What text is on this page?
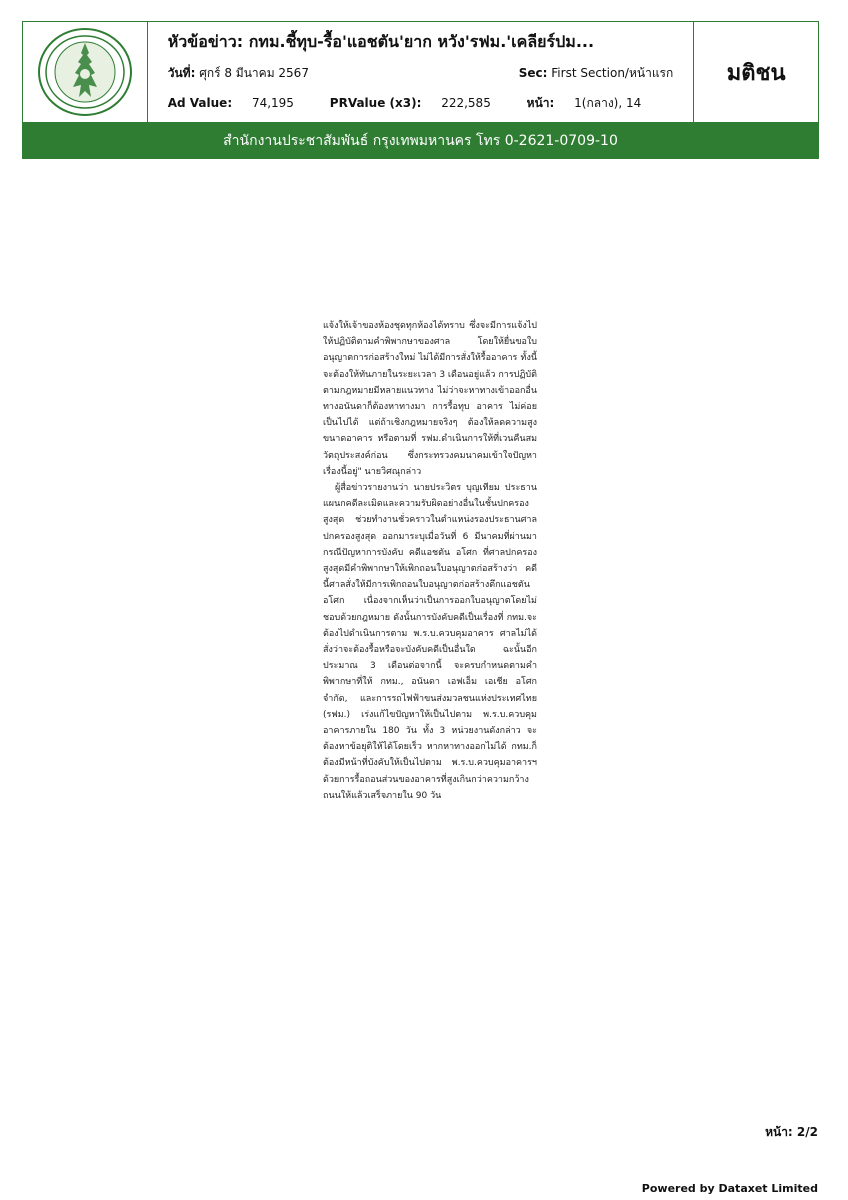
หัวข้อข่าว: กทม.ชี้ทุบ-รื้อ'แอชตัน'ยาก หวัง'รฟม.'เคลียร์ปม...
วันที่: ศุกร์ 8 มีนาคม 2567	Sec: First Section/หน้าแรก
Ad Value: 74,195	PRValue (x3): 222,585	หน้า: 1(กลาง), 14
มติชน
สำนักงานประชาสัมพันธ์ กรุงเทพมหานคร โทร 0-2621-0709-10

แจ้งให้เจ้าของห้องชุดทุกห้องได้ทราบ ซึ่งจะมีการแจ้งไปให้ปฏิบัติตามคำพิพากษาของศาล โดยให้ยื่นขอใบอนุญาตการก่อสร้างใหม่ ไม่ได้มีการสั่งให้รื้ออาคาร ทั้งนี้ จะต้องให้ทันภายในระยะเวลา 3 เดือนอยู่แล้ว การปฏิบัติตามกฎหมายมีหลายแนวทาง ไม่ว่าจะหาทางเข้าออกอื่น ทางอนันดาก็ต้องหาทางมา การรื้อทุบ อาคาร ไม่ค่อยเป็นไปได้ แต่ถ้าเชิงกฎหมายจริงๆ ต้องให้ลดความสูงขนาดอาคาร หรือตามที่ รฟม.ดำเนินการให้ที่เวนคืนสมวัตถุประสงค์ก่อน ซึ่งกระทรวงคมนาคมเข้าใจปัญหาเรื่องนี้อยู่" นายวิศณุกล่าว

ผู้สื่อข่าวรายงานว่า นายประวิตร บุญเทียม ประธานแผนกคดีละเมิดและความรับผิดอย่างอื่นในชั้นปกครองสูงสุด ช่วยทำงานชั่วคราวในตำแหน่งรองประธานศาลปกครองสูงสุด ออกมาระบุเมื่อวันที่ 6 มีนาคมที่ผ่านมา กรณีปัญหาการบังคับ คดีแอชตัน อโศก ที่ศาลปกครองสูงสุดมีคำพิพากษาให้เพิกถอนใบอนุญาตก่อสร้างว่า คดีนี้ศาลสั่งให้มีการเพิกถอนใบอนุญาตก่อสร้างตึกแอชตัน อโศก เนื่องจากเห็นว่าเป็นการออกใบอนุญาตโดยไม่ชอบด้วยกฎหมาย ดังนั้นการบังคับคดีเป็นเรื่องที่ กทม.จะต้องไปดำเนินการตาม พ.ร.บ.ควบคุมอาคาร ศาลไม่ได้สั่งว่าจะต้องรื้อหรือจะบังคับคดีเป็นอื่นใด ฉะนั้นอีกประมาณ 3 เดือนต่อจากนี้ จะครบกำหนดตามคำพิพากษาที่ให้ กทม., อนันดา เอฟเอ็ม เอเชีย อโศก จำกัด, และการรถไฟฟ้าขนส่งมวลชนแห่งประเทศไทย (รฟม.) เร่งแก้ไขปัญหาให้เป็นไปตาม พ.ร.บ.ควบคุมอาคารภายใน 180 วัน ทั้ง 3 หน่วยงานดังกล่าว จะต้องหาข้อยุติให้ได้โดยเร็ว หากหาทางออกไม่ได้ กทม.ก็ต้องมีหน้าที่บังคับให้เป็นไปตาม พ.ร.บ.ควบคุมอาคารฯ ด้วยการรื้อถอนส่วนของอาคารที่สูงเกินกว่าความกว้างถนนให้แล้วเสร็จภายใน 90 วัน

หน้า: 2/2
Powered by Dataxet Limited
